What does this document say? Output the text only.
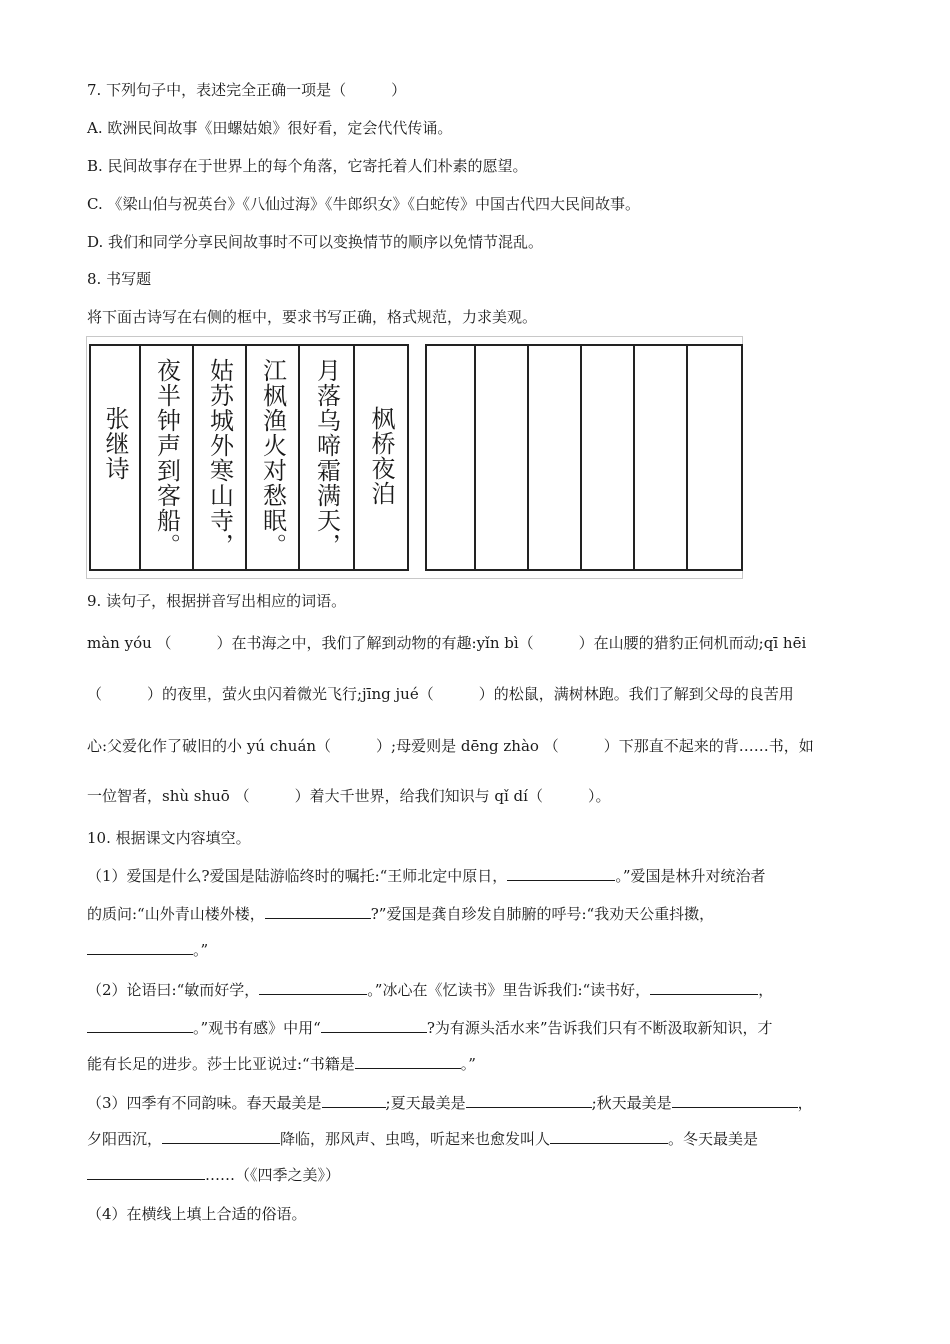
7. 下列句子中，表述完全正确一项是（　　　）
A. 欧洲民间故事《田螺姑娘》很好看，定会代代传诵。
B. 民间故事存在于世界上的每个角落，它寄托着人们朴素的愿望。
C. 《梁山伯与祝英台》《八仙过海》《牛郎织女》《白蛇传》中国古代四大民间故事。
D. 我们和同学分享民间故事时不可以变换情节的顺序以免情节混乱。
8. 书写题
将下面古诗写在右侧的框中，要求书写正确，格式规范，力求美观。
张继诗 夜半钟声到客船。 姑苏城外寒山寺， 江枫渔火对愁眠。 月落乌啼霜满天， 枫桥夜泊
9. 读句子，根据拼音写出相应的词语。
màn yóu （　　　）在书海之中，我们了解到动物的有趣:yǐn bì（　　　）在山腰的猎豹正伺机而动;qī hēi
（　　　）的夜里，萤火虫闪着微光飞行;jīng jué（　　　）的松鼠，满树林跑。我们了解到父母的良苦用
心:父爱化作了破旧的小 yú chuán（　　　）;母爱则是 dēng zhào （　　　）下那直不起来的背……书，如
一位智者，shù shuō （　　　）着大千世界，给我们知识与 qǐ dí（　　　）。
10. 根据课文内容填空。
（1）爱国是什么?爱国是陆游临终时的嘱托:“王师北定中原日，	。”爱国是林升对统治者
的质问:“山外青山楼外楼，	?”爱国是龚自珍发自肺腑的呼号:“我劝天公重抖擞，
。”
（2）论语曰:“敏而好学，	。”冰心在《忆读书》里告诉我们:“读书好，	，
。”观书有感》中用“	?为有源头活水来”告诉我们只有不断汲取新知识，才
能有长足的进步。莎士比亚说过:“书籍是	。”
（3）四季有不同韵味。春天最美是	;夏天最美是	;秋天最美是	，
夕阳西沉，	降临，那风声、虫鸣，听起来也愈发叫人	。冬天最美是
……（《四季之美》）
（4）在横线上填上合适的俗语。
